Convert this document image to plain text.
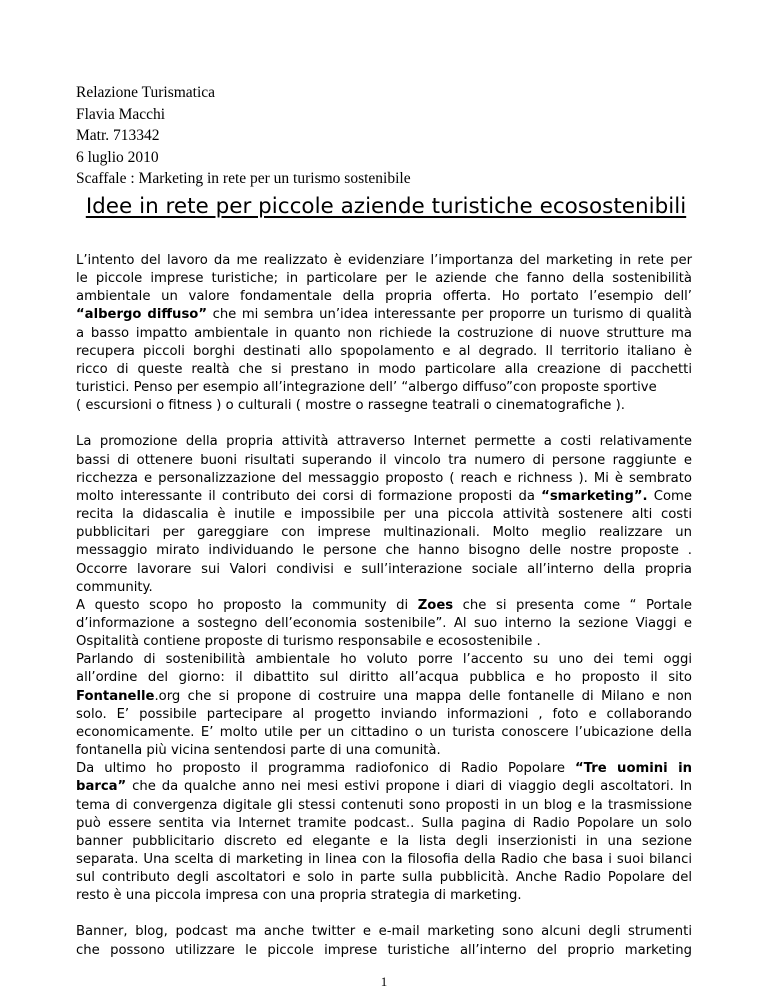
Relazione Turismatica
Flavia Macchi
Matr. 713342
6 luglio 2010
Scaffale : Marketing in rete per un turismo sostenibile
Idee in rete per piccole aziende turistiche ecosostenibili
L’intento del lavoro da me realizzato è evidenziare l’importanza del marketing in rete per
le piccole imprese turistiche; in particolare per le aziende che fanno della sostenibilità
ambientale un valore fondamentale della propria offerta. Ho portato l’esempio dell’
“albergo diffuso” che mi sembra un’idea interessante per proporre un turismo di qualità
a basso impatto ambientale in quanto non richiede la costruzione di nuove strutture ma
recupera piccoli borghi destinati allo spopolamento e al degrado. Il territorio italiano è
ricco di queste realtà che si prestano in modo particolare alla creazione di pacchetti
turistici. Penso per esempio all’integrazione dell’ “albergo diffuso”con proposte sportive
( escursioni o fitness ) o culturali ( mostre o rassegne teatrali o cinematografiche ).
La promozione della propria attività attraverso Internet permette a costi relativamente
bassi di ottenere buoni risultati superando il vincolo tra numero di persone raggiunte e
ricchezza e personalizzazione del messaggio proposto ( reach e richness ). Mi è sembrato
molto interessante il contributo dei corsi di formazione proposti da “smarketing”. Come
recita la didascalia è inutile e impossibile per una piccola attività sostenere alti costi
pubblicitari per gareggiare con imprese multinazionali. Molto meglio realizzare un
messaggio mirato individuando le persone che hanno bisogno delle nostre proposte .
Occorre lavorare sui Valori condivisi e sull’interazione sociale all’interno della propria
community.
A questo scopo ho proposto la community di Zoes che si presenta come “ Portale
d’informazione a sostegno dell’economia sostenibile”. Al suo interno la sezione Viaggi e
Ospitalità contiene proposte di turismo responsabile e ecosostenibile .
Parlando di sostenibilità ambientale ho voluto porre l’accento su uno dei temi oggi
all’ordine del giorno: il dibattito sul diritto all’acqua pubblica e ho proposto il sito
Fontanelle.org che si propone di costruire una mappa delle fontanelle di Milano e non
solo. E’ possibile partecipare al progetto inviando informazioni , foto e collaborando
economicamente. E’ molto utile per un cittadino o un turista conoscere l’ubicazione della
fontanella più vicina sentendosi parte di una comunità.
Da ultimo ho proposto il programma radiofonico di Radio Popolare “Tre uomini in
barca” che da qualche anno nei mesi estivi propone i diari di viaggio degli ascoltatori. In
tema di convergenza digitale gli stessi contenuti sono proposti in un blog e la trasmissione
può essere sentita via Internet tramite podcast.. Sulla pagina di Radio Popolare un solo
banner pubblicitario discreto ed elegante e la lista degli inserzionisti in una sezione
separata. Una scelta di marketing in linea con la filosofia della Radio che basa i suoi bilanci
sul contributo degli ascoltatori e solo in parte sulla pubblicità. Anche Radio Popolare del
resto è una piccola impresa con una propria strategia di marketing.
Banner, blog, podcast ma anche twitter e e-mail marketing sono alcuni degli strumenti
che possono utilizzare le piccole imprese turistiche all’interno del proprio marketing
1
